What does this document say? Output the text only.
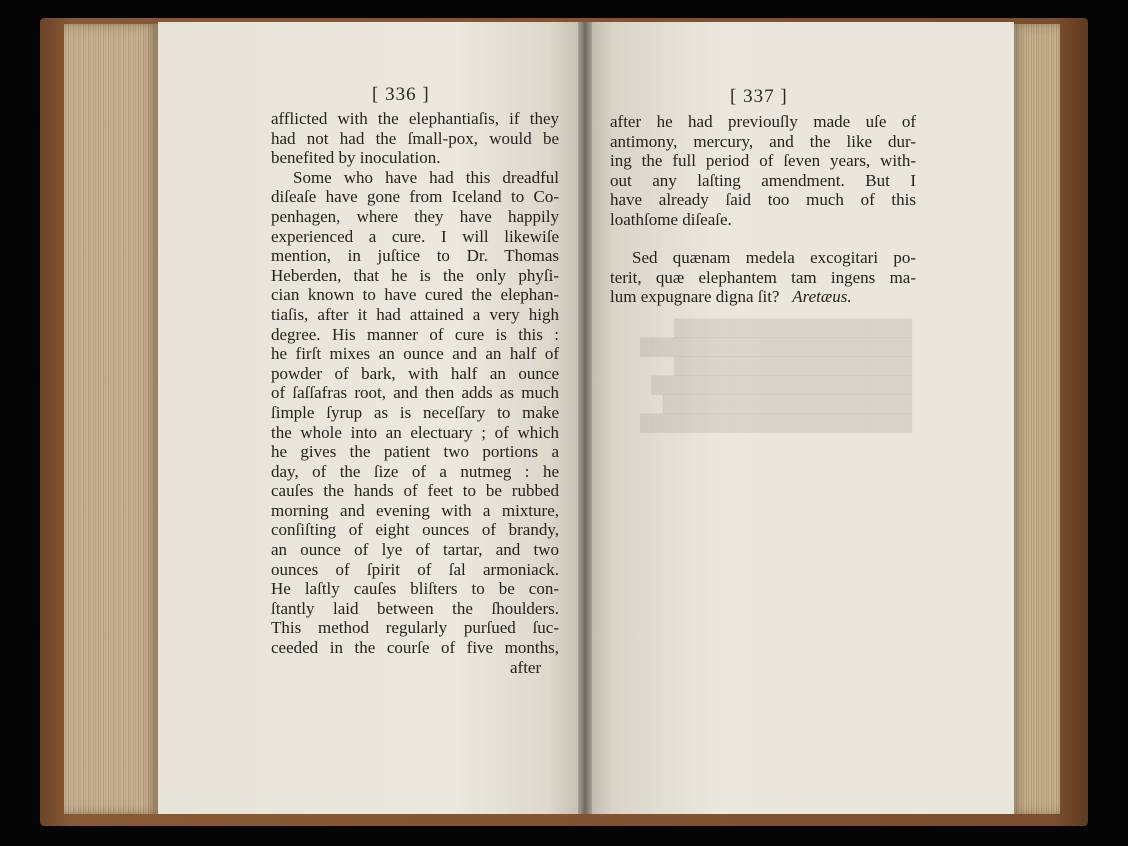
█████████████████████
████████████████████████
█████████████████████
███████████████████████
██████████████████████
████████████████████████

[ 336 ]	[ 337 ]
afflicted with the elephantiaſis, if they
had not had the ſmall-pox, would be
benefited by inoculation.
Some who have had this dreadful
diſeaſe have gone from Iceland to Co-
penhagen, where they have happily
experienced a cure. I will likewiſe
mention, in juſtice to Dr. Thomas
Heberden, that he is the only phyſi-
cian known to have cured the elephan-
tiaſis, after it had attained a very high
degree. His manner of cure is this :
he firſt mixes an ounce and an half of
powder of bark, with half an ounce
of ſaſſafras root, and then adds as much
ſimple ſyrup as is neceſſary to make
the whole into an electuary ; of which
he gives the patient two portions a
day, of the ſize of a nutmeg : he
cauſes the hands of feet to be rubbed
morning and evening with a mixture,
conſiſting of eight ounces of brandy,
an ounce of lye of tartar, and two
ounces of ſpirit of ſal armoniack.
He laſtly cauſes bliſters to be con-
ſtantly laid between the ſhoulders.
This method regularly purſued ſuc-
ceeded in the courſe of five months,
after
after he had previouſly made uſe of
antimony, mercury, and the like dur-
ing the full period of ſeven years, with-
out any laſting amendment. But I
have already ſaid too much of this
loathſome diſeaſe.
Sed quænam medela excogitari po-
terit, quæ elephantem tam ingens ma-
lum expugnare digna ſit? Aretæus.
